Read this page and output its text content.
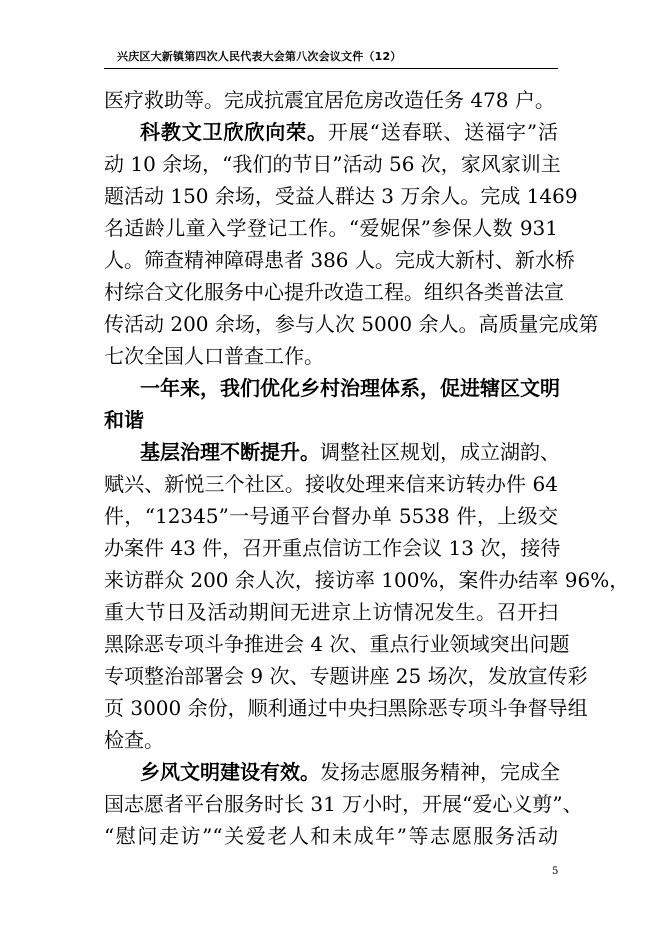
兴庆区大新镇第四次人民代表大会第八次会议文件（12）
医疗救助等。完成抗震宜居危房改造任务 478 户。
科教文卫欣欣向荣。开展“送春联、送福字”活
动 10 余场，“我们的节日”活动 56 次，家风家训主
题活动 150 余场，受益人群达 3 万余人。完成 1469
名适龄儿童入学登记工作。“爱妮保”参保人数 931
人。筛查精神障碍患者 386 人。完成大新村、新水桥
村综合文化服务中心提升改造工程。组织各类普法宣
传活动 200 余场，参与人次 5000 余人。高质量完成第
七次全国人口普查工作。
一年来，我们优化乡村治理体系，促进辖区文明
和谐
基层治理不断提升。调整社区规划，成立湖韵、
赋兴、新悦三个社区。接收处理来信来访转办件 64
件，“12345”一号通平台督办单 5538 件，上级交
办案件 43 件，召开重点信访工作会议 13 次，接待
来访群众 200 余人次，接访率 100%，案件办结率 96%，
重大节日及活动期间无进京上访情况发生。召开扫
黑除恶专项斗争推进会 4 次、重点行业领域突出问题
专项整治部署会 9 次、专题讲座 25 场次，发放宣传彩
页 3000 余份，顺利通过中央扫黑除恶专项斗争督导组
检查。
乡风文明建设有效。发扬志愿服务精神，完成全
国志愿者平台服务时长 31 万小时，开展“爱心义剪”、
“慰问走访”“关爱老人和未成年”等志愿服务活动
5
